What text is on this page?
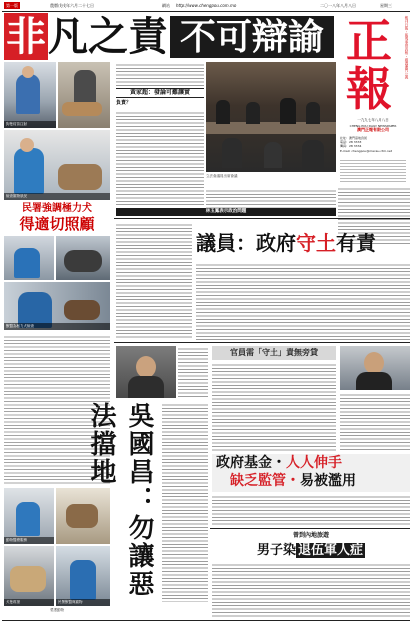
第一版	農曆戊戌年六月二十七日	網站 http://www.chengpou.com.mo	二〇一八年八月八日	星期三
非凡之責 不可辯諭 正
報
報刊日報・報導事實真相・維護澳門公義
一九九七年八月八日
CHENG POU DAILY NEWSPAPER
澳門正報有限公司
社址：澳門高地烏街
電話：28 3333
傳真：28 3334
E-mail: chengpou@macau.ctm.net
狗隻疫苗注射
檢查寵物狀況
民署強調極力犬
得適切照顧
獸醫為極力犬檢查
動物醫療服務
犬隻救援	民署獸醫與寵物
愛護動物
黃家超：發論可難讓實
負責？
立法會議員出席會議
林玉鳳表示政治問題
議員：政府守土有責
吳國昌：勿讓惡法擋地
官員需「守土」責無旁貸
政府基金・人人伸手
缺乏監管・易被濫用
曾到內地旅遊
男子染 退伍軍人症
